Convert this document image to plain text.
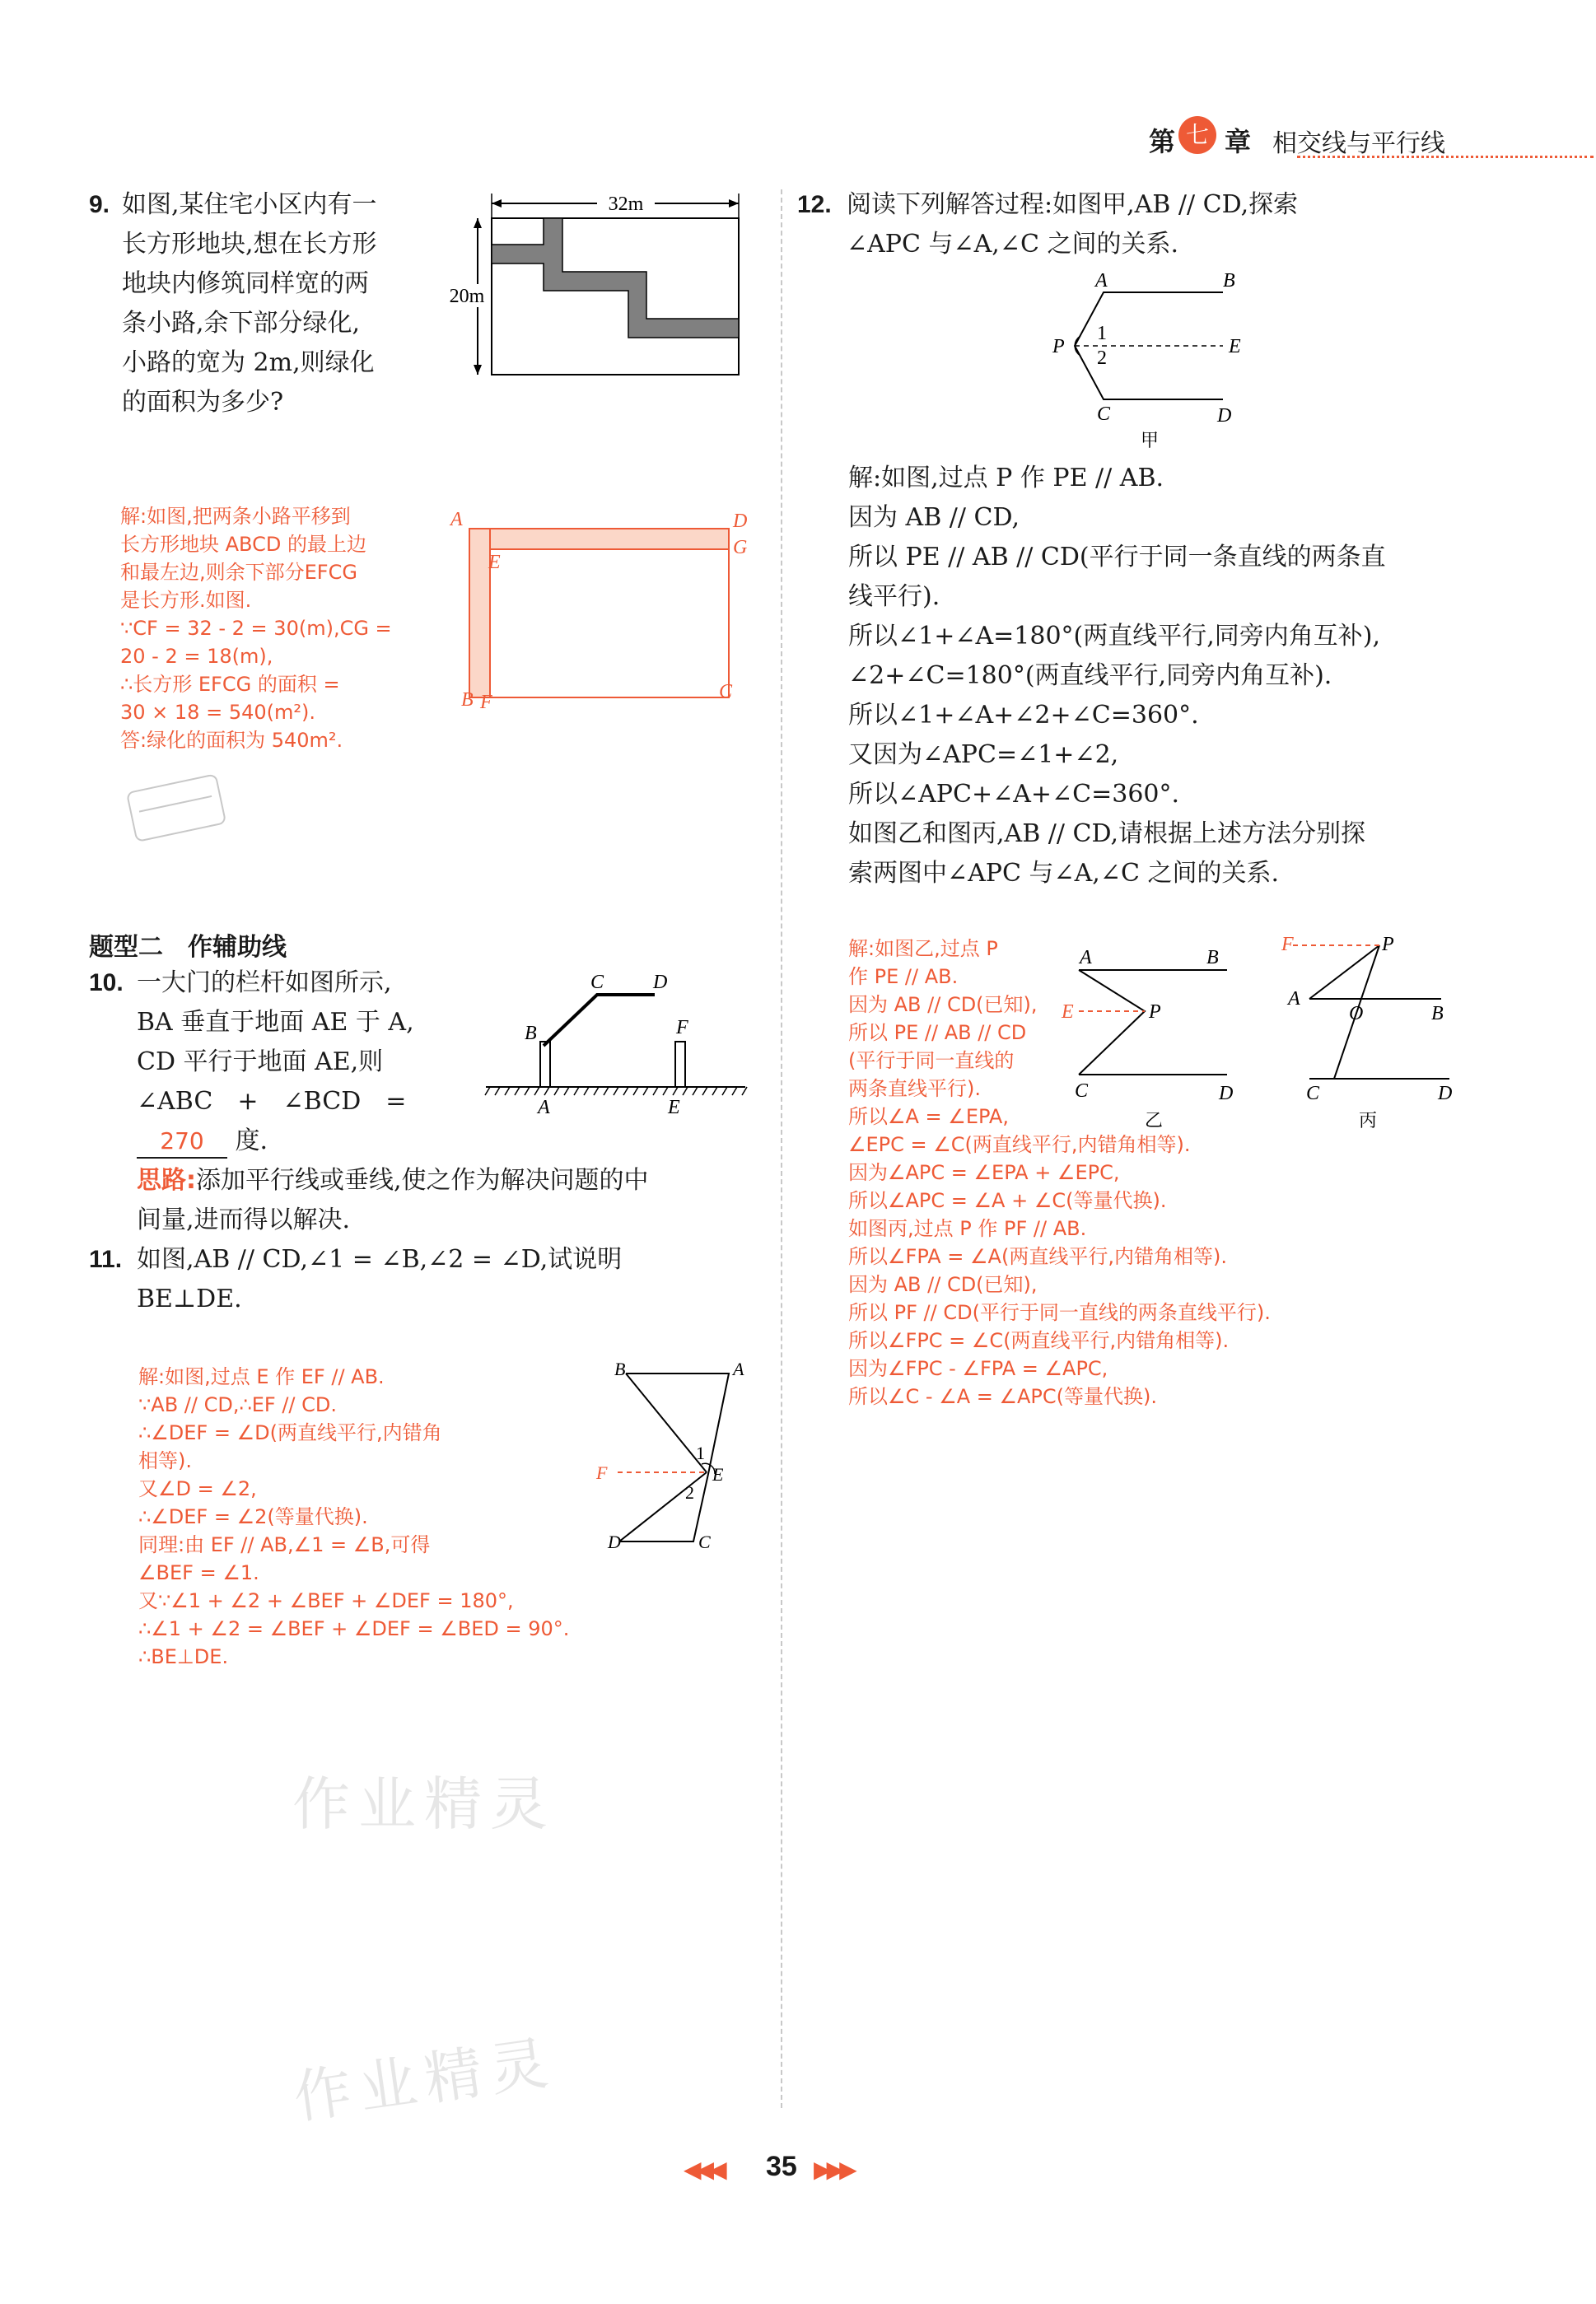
第 七 章 相交线与平行线
9. 如图,某住宅小区内有一
长方形地块,想在长方形
地块内修筑同样宽的两
条小路,余下部分绿化,
小路的宽为 2m,则绿化
的面积为多少?
32m
20m
解:如图,把两条小路平移到
长方形地块 ABCD 的最上边
和最左边,则余下部分EFCG
是长方形.如图.
∵CF = 32 - 2 = 30(m),CG =
20 - 2 = 18(m),
∴长方形 EFCG 的面积 =
30 × 18 = 540(m²).
答:绿化的面积为 540m².
A	D
E
G
B F	C
题型二　作辅助线
10. 一大门的栏杆如图所示,
BA 垂直于地面 AE 于 A,
CD 平行于地面 AE,则
∠ABC　+　∠BCD　=
270 度.
B
C D
F
A	E
思路:添加平行线或垂线,使之作为解决问题的中
间量,进而得以解决.
11. 如图,AB // CD,∠1 = ∠B,∠2 = ∠D,试说明
BE⊥DE.
解:如图,过点 E 作 EF // AB.
∵AB // CD,∴EF // CD.
∴∠DEF = ∠D(两直线平行,内错角
相等).
又∠D = ∠2,
∴∠DEF = ∠2(等量代换).
同理:由 EF // AB,∠1 = ∠B,可得
∠BEF = ∠1.
又∵∠1 + ∠2 + ∠BEF + ∠DEF = 180°,
∴∠1 + ∠2 = ∠BEF + ∠DEF = ∠BED = 90°.
∴BE⊥DE.
B	A
1
E
2
D	C
F
作业精灵
作业精灵
12. 阅读下列解答过程:如图甲,AB // CD,探索
∠APC 与∠A,∠C 之间的关系.
A	B
P
1
2
E
C	D
甲
解:如图,过点 P 作 PE // AB.
因为 AB // CD,
所以 PE // AB // CD(平行于同一条直线的两条直
线平行).
所以∠1+∠A=180°(两直线平行,同旁内角互补),
∠2+∠C=180°(两直线平行,同旁内角互补).
所以∠1+∠A+∠2+∠C=360°.
又因为∠APC=∠1+∠2,
所以∠APC+∠A+∠C=360°.
如图乙和图丙,AB // CD,请根据上述方法分别探
索两图中∠APC 与∠A,∠C 之间的关系.
解:如图乙,过点 P
作 PE // AB.
因为 AB // CD(已知),
所以 PE // AB // CD
(平行于同一直线的
两条直线平行).
所以∠A = ∠EPA,
∠EPC = ∠C(两直线平行,内错角相等).
因为∠APC = ∠EPA + ∠EPC,
所以∠APC = ∠A + ∠C(等量代换).
如图丙,过点 P 作 PF // AB.
所以∠FPA = ∠A(两直线平行,内错角相等).
因为 AB // CD(已知),
所以 PF // CD(平行于同一直线的两条直线平行).
所以∠FPC = ∠C(两直线平行,内错角相等).
因为∠FPC - ∠FPA = ∠APC,
所以∠C - ∠A = ∠APC(等量代换).
A	B
P
C	D
乙
E
P
A
O	B
C	D
丙
F
◀◀◀ 35 ▶▶▶
